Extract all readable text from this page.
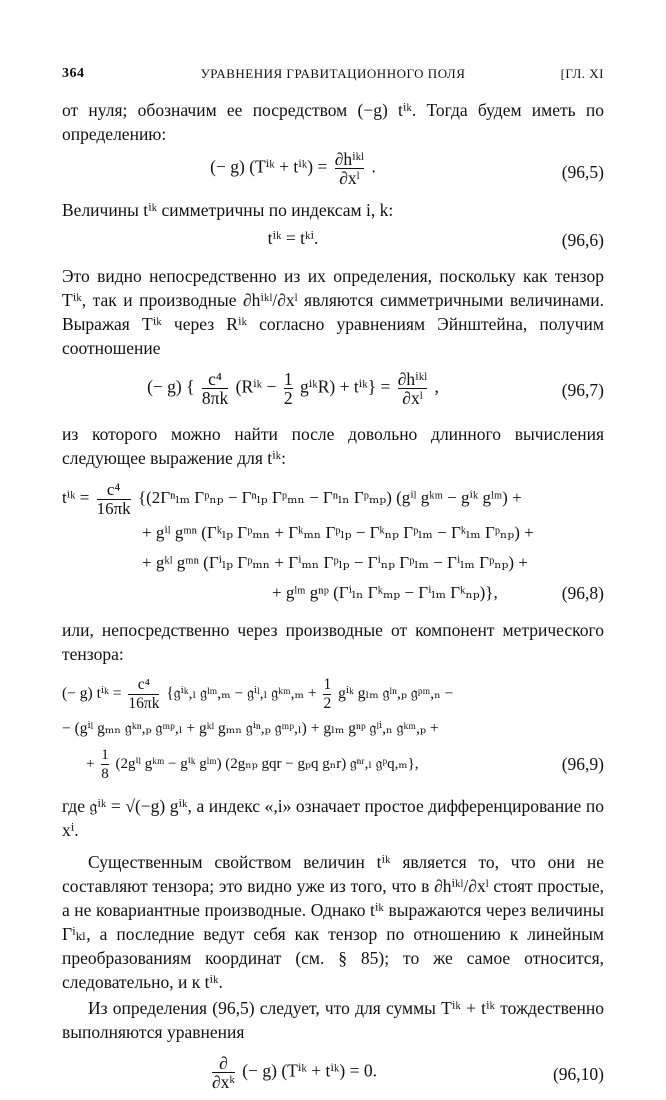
364	УРАВНЕНИЯ ГРАВИТАЦИОННОГО ПОЛЯ	[ГЛ. XI

от нуля; обозначим ее посредством (−g) tⁱᵏ. Тогда будем иметь по определению:

(− g) (Tⁱᵏ + tⁱᵏ) = $\frac{\text{∂hⁱᵏˡ}}{\text{∂xˡ}}$ .	(96,5)

Величины tⁱᵏ симметричны по индексам i, k:

tⁱᵏ = tᵏⁱ.	(96,6)

Это видно непосредственно из их определения, поскольку как тензор Tⁱᵏ, так и производные ∂hⁱᵏˡ/∂xˡ являются симметричными величинами. Выражая Tⁱᵏ через Rⁱᵏ согласно уравнениям Эйнштейна, получим соотношение

(− g) { $\frac{\text{c⁴}}{8\pi k}$ (Rⁱᵏ − $\frac{1}{2}$ gⁱᵏR) + tⁱᵏ} = $\frac{\text{∂hⁱᵏˡ}}{\text{∂xˡ}}$ ,	(96,7)

из которого можно найти после довольно длинного вычисления следующее выражение для tⁱᵏ:

tⁱᵏ = $\frac{\text{c⁴}}{16\pi k} \{(2\Gamma^n_{lm}$ Γᵖₙₚ − Γⁿₗₚ Γᵖₘₙ − Γⁿₗₙ Γᵖₘₚ) (gⁱˡ gᵏᵐ − gⁱᵏ gˡᵐ) +
+ gⁱˡ gᵐⁿ (Γᵏₗₚ Γᵖₘₙ + Γᵏₘₙ Γᵖₗₚ − Γᵏₙₚ Γᵖₗₘ − Γᵏₗₘ Γᵖₙₚ) +
+ gᵏˡ gᵐⁿ (Γⁱₗₚ Γᵖₘₙ + Γⁱₘₙ Γᵖₗₚ − Γⁱₙₚ Γᵖₗₘ − Γⁱₗₘ Γᵖₙₚ) +
+ gˡᵐ gⁿᵖ (Γⁱₗₙ Γᵏₘₚ − Γⁱₗₘ Γᵏₙₚ)},	(96,8)

или, непосредственно через производные от компонент метрического тензора:

(− g) tⁱᵏ = $\frac{\text{c⁴}}{16\pi k}$ {𝔤ⁱᵏ,ₗ 𝔤ˡᵐ,ₘ − 𝔤ⁱˡ,ₗ 𝔤ᵏᵐ,ₘ + $\frac{1}{2}$ gⁱᵏ gₗₘ 𝔤ˡⁿ,ₚ 𝔤ᵖᵐ,ₙ −
− (gⁱˡ gₘₙ 𝔤ᵏⁿ,ₚ 𝔤ᵐᵖ,ₗ + gᵏˡ gₘₙ 𝔤ⁱⁿ,ₚ 𝔤ᵐᵖ,ₗ) + gₗₘ gⁿᵖ 𝔤ˡⁱ,ₙ 𝔤ᵏᵐ,ₚ +
+ $\frac{1}{8}$ (2gⁱˡ gᵏᵐ − gⁱᵏ gˡᵐ) (2gₙₚ gqr − gₚq gₙr) 𝔤ⁿʳ,ₗ 𝔤ᵖq,ₘ},	(96,9)

где 𝔤ⁱᵏ = √(−g) gⁱᵏ, а индекс «,i» означает простое дифференцирование по xⁱ.

Существенным свойством величин tⁱᵏ является то, что они не составляют тензора; это видно уже из того, что в ∂hⁱᵏˡ/∂xˡ стоят простые, а не ковариантные производные. Однако tⁱᵏ выражаются через величины Γⁱₖₗ, а последние ведут себя как тензор по отношению к линейным преобразованиям координат (см. § 85); то же самое относится, следовательно, и к tⁱᵏ.

Из определения (96,5) следует, что для суммы Tⁱᵏ + tⁱᵏ тождественно выполняются уравнения

$\frac{\partial}{\text{∂xᵏ}}$ (− g) (Tⁱᵏ + tⁱᵏ) = 0.	(96,10)
